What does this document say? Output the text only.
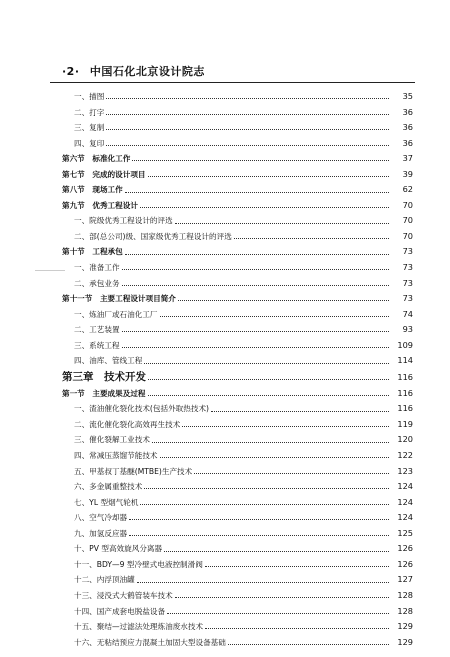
·2· 中国石化北京设计院志
一、描图	35
二、打字	36
三、复制	36
四、复印	36
第六节　标准化工作	37
第七节　完成的设计项目	39
第八节　现场工作	62
第九节　优秀工程设计	70
一、院级优秀工程设计的评选	70
二、部(总公司)级、国家级优秀工程设计的评选	70
第十节　工程承包	73
一、准备工作	73
二、承包业务	73
第十一节　主要工程设计项目简介	73
一、炼油厂或石油化工厂	74
二、工艺装置	93
三、系统工程	109
四、油库、管线工程	114
第三章　技术开发	116
第一节　主要成果及过程	116
一、渣油催化裂化技术(包括外取热技术)	116
二、流化催化裂化高效再生技术	119
三、催化裂解工业技术	120
四、常减压蒸馏节能技术	122
五、甲基叔丁基醚(MTBE)生产技术	123
六、多金属重整技术	124
七、YL 型烟气轮机	124
八、空气冷却器	124
九、加氢反应器	125
十、PV 型高效旋风分离器	126
十一、BDY—9 型冷壁式电液控制滑阀	126
十二、内浮顶油罐	127
十三、浸没式大鹤管装车技术	128
十四、国产成套电脱盐设备	128
十五、聚结—过滤法处理炼油废水技术	129
十六、无粘结预应力混凝土加固大型设备基础	129
